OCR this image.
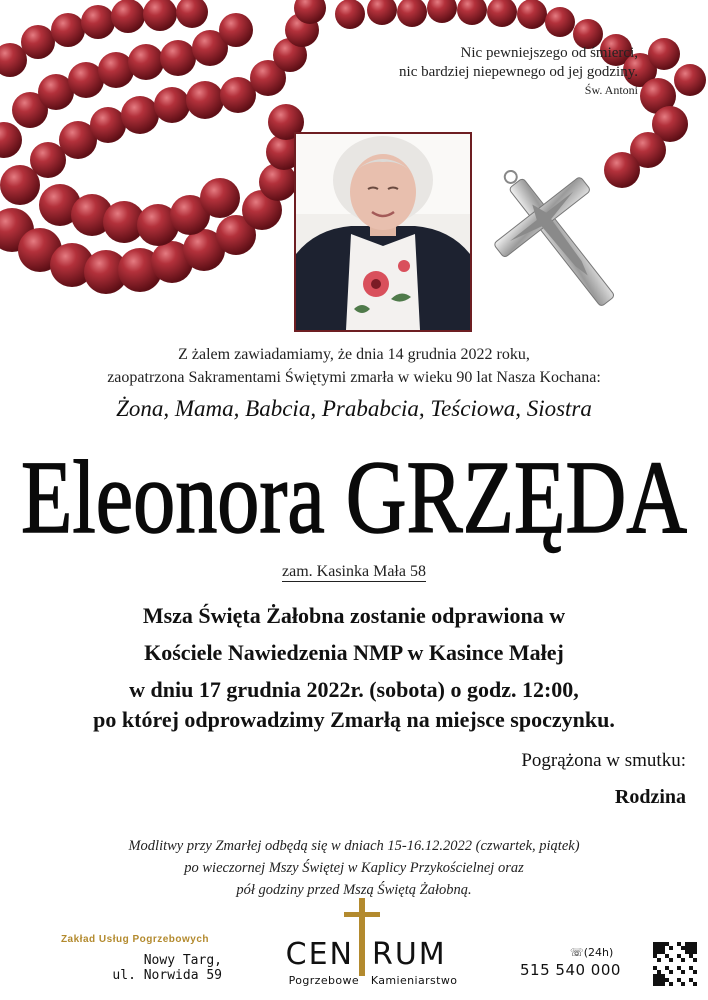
Nic pewniejszego od śmierci,
nic bardziej niepewnego od jej godziny.
Św. Antoni
Z żalem zawiadamiamy, że dnia 14 grudnia 2022 roku,
zaopatrzona Sakramentami Świętymi zmarła w wieku 90 lat Nasza Kochana:
Żona, Mama, Babcia, Prababcia, Teściowa, Siostra
Eleonora GRZĘDA
zam. Kasinka Mała 58
Msza Święta Żałobna zostanie odprawiona w
Kościele Nawiedzenia NMP w Kasince Małej
w dniu 17 grudnia 2022r. (sobota) o godz. 12:00,
po której odprowadzimy Zmarłą na miejsce spoczynku.
Pogrążona w smutku:
Rodzina
Modlitwy przy Zmarłej odbędą się w dniach 15-16.12.2022 (czwartek, piątek)
po wieczornej Mszy Świętej w Kaplicy Przykościelnej oraz
pół godziny przed Mszą Świętą Żałobną.
Zakład Usług Pogrzebowych
Nowy Targ,
ul. Norwida 59
CEN RUM
Pogrzebowe Kamieniarstwo
☏(24h)
515 540 000
